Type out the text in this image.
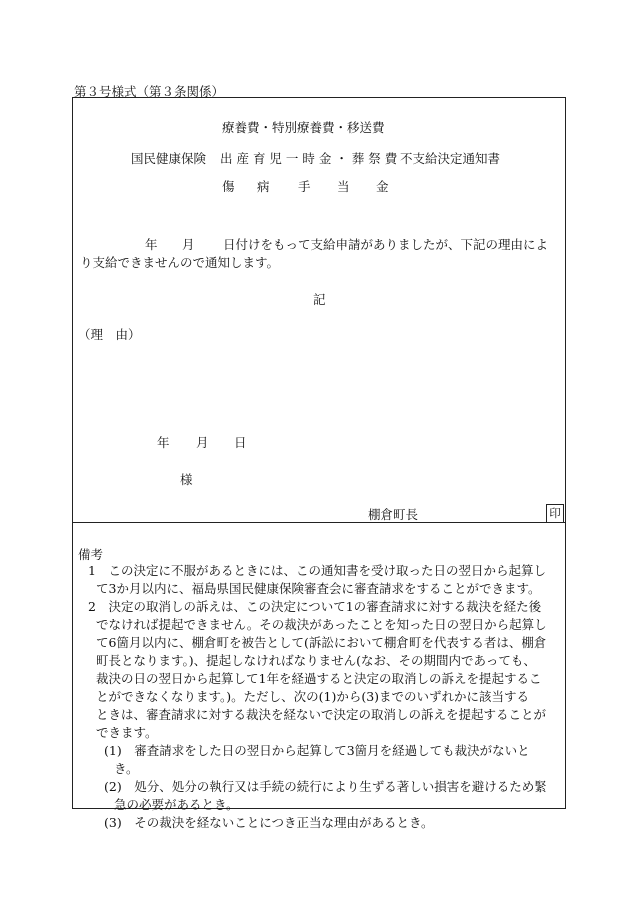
第３号様式（第３条関係）
療養費・特別療養費・移送費
国民健康保険 出 産 育 児 一 時 金 ・ 葬 祭 費 不支給決定通知書
傷 病 手 当 金
年 月 日付けをもって支給申請がありましたが、下記の理由によ
り支給できませんので通知します。
記
（理　由）
年 月 日
様
棚倉町長	印
備考
1　この決定に不服があるときには、この通知書を受け取った日の翌日から起算し
て3か月以内に、福島県国民健康保険審査会に審査請求をすることができます。
2　決定の取消しの訴えは、この決定について1の審査請求に対する裁決を経た後
でなければ提起できません。その裁決があったことを知った日の翌日から起算し
て6箇月以内に、棚倉町を被告として(訴訟において棚倉町を代表する者は、棚倉
町長となります。)、提起しなければなりません(なお、その期間内であっても、
裁決の日の翌日から起算して1年を経過すると決定の取消しの訴えを提起するこ
とができなくなります。)。ただし、次の(1)から(3)までのいずれかに該当する
ときは、審査請求に対する裁決を経ないで決定の取消しの訴えを提起することが
できます。
(1)　審査請求をした日の翌日から起算して3箇月を経過しても裁決がないと
き。
(2)　処分、処分の執行又は手続の続行により生ずる著しい損害を避けるため緊
急の必要があるとき。
(3)　その裁決を経ないことにつき正当な理由があるとき。
